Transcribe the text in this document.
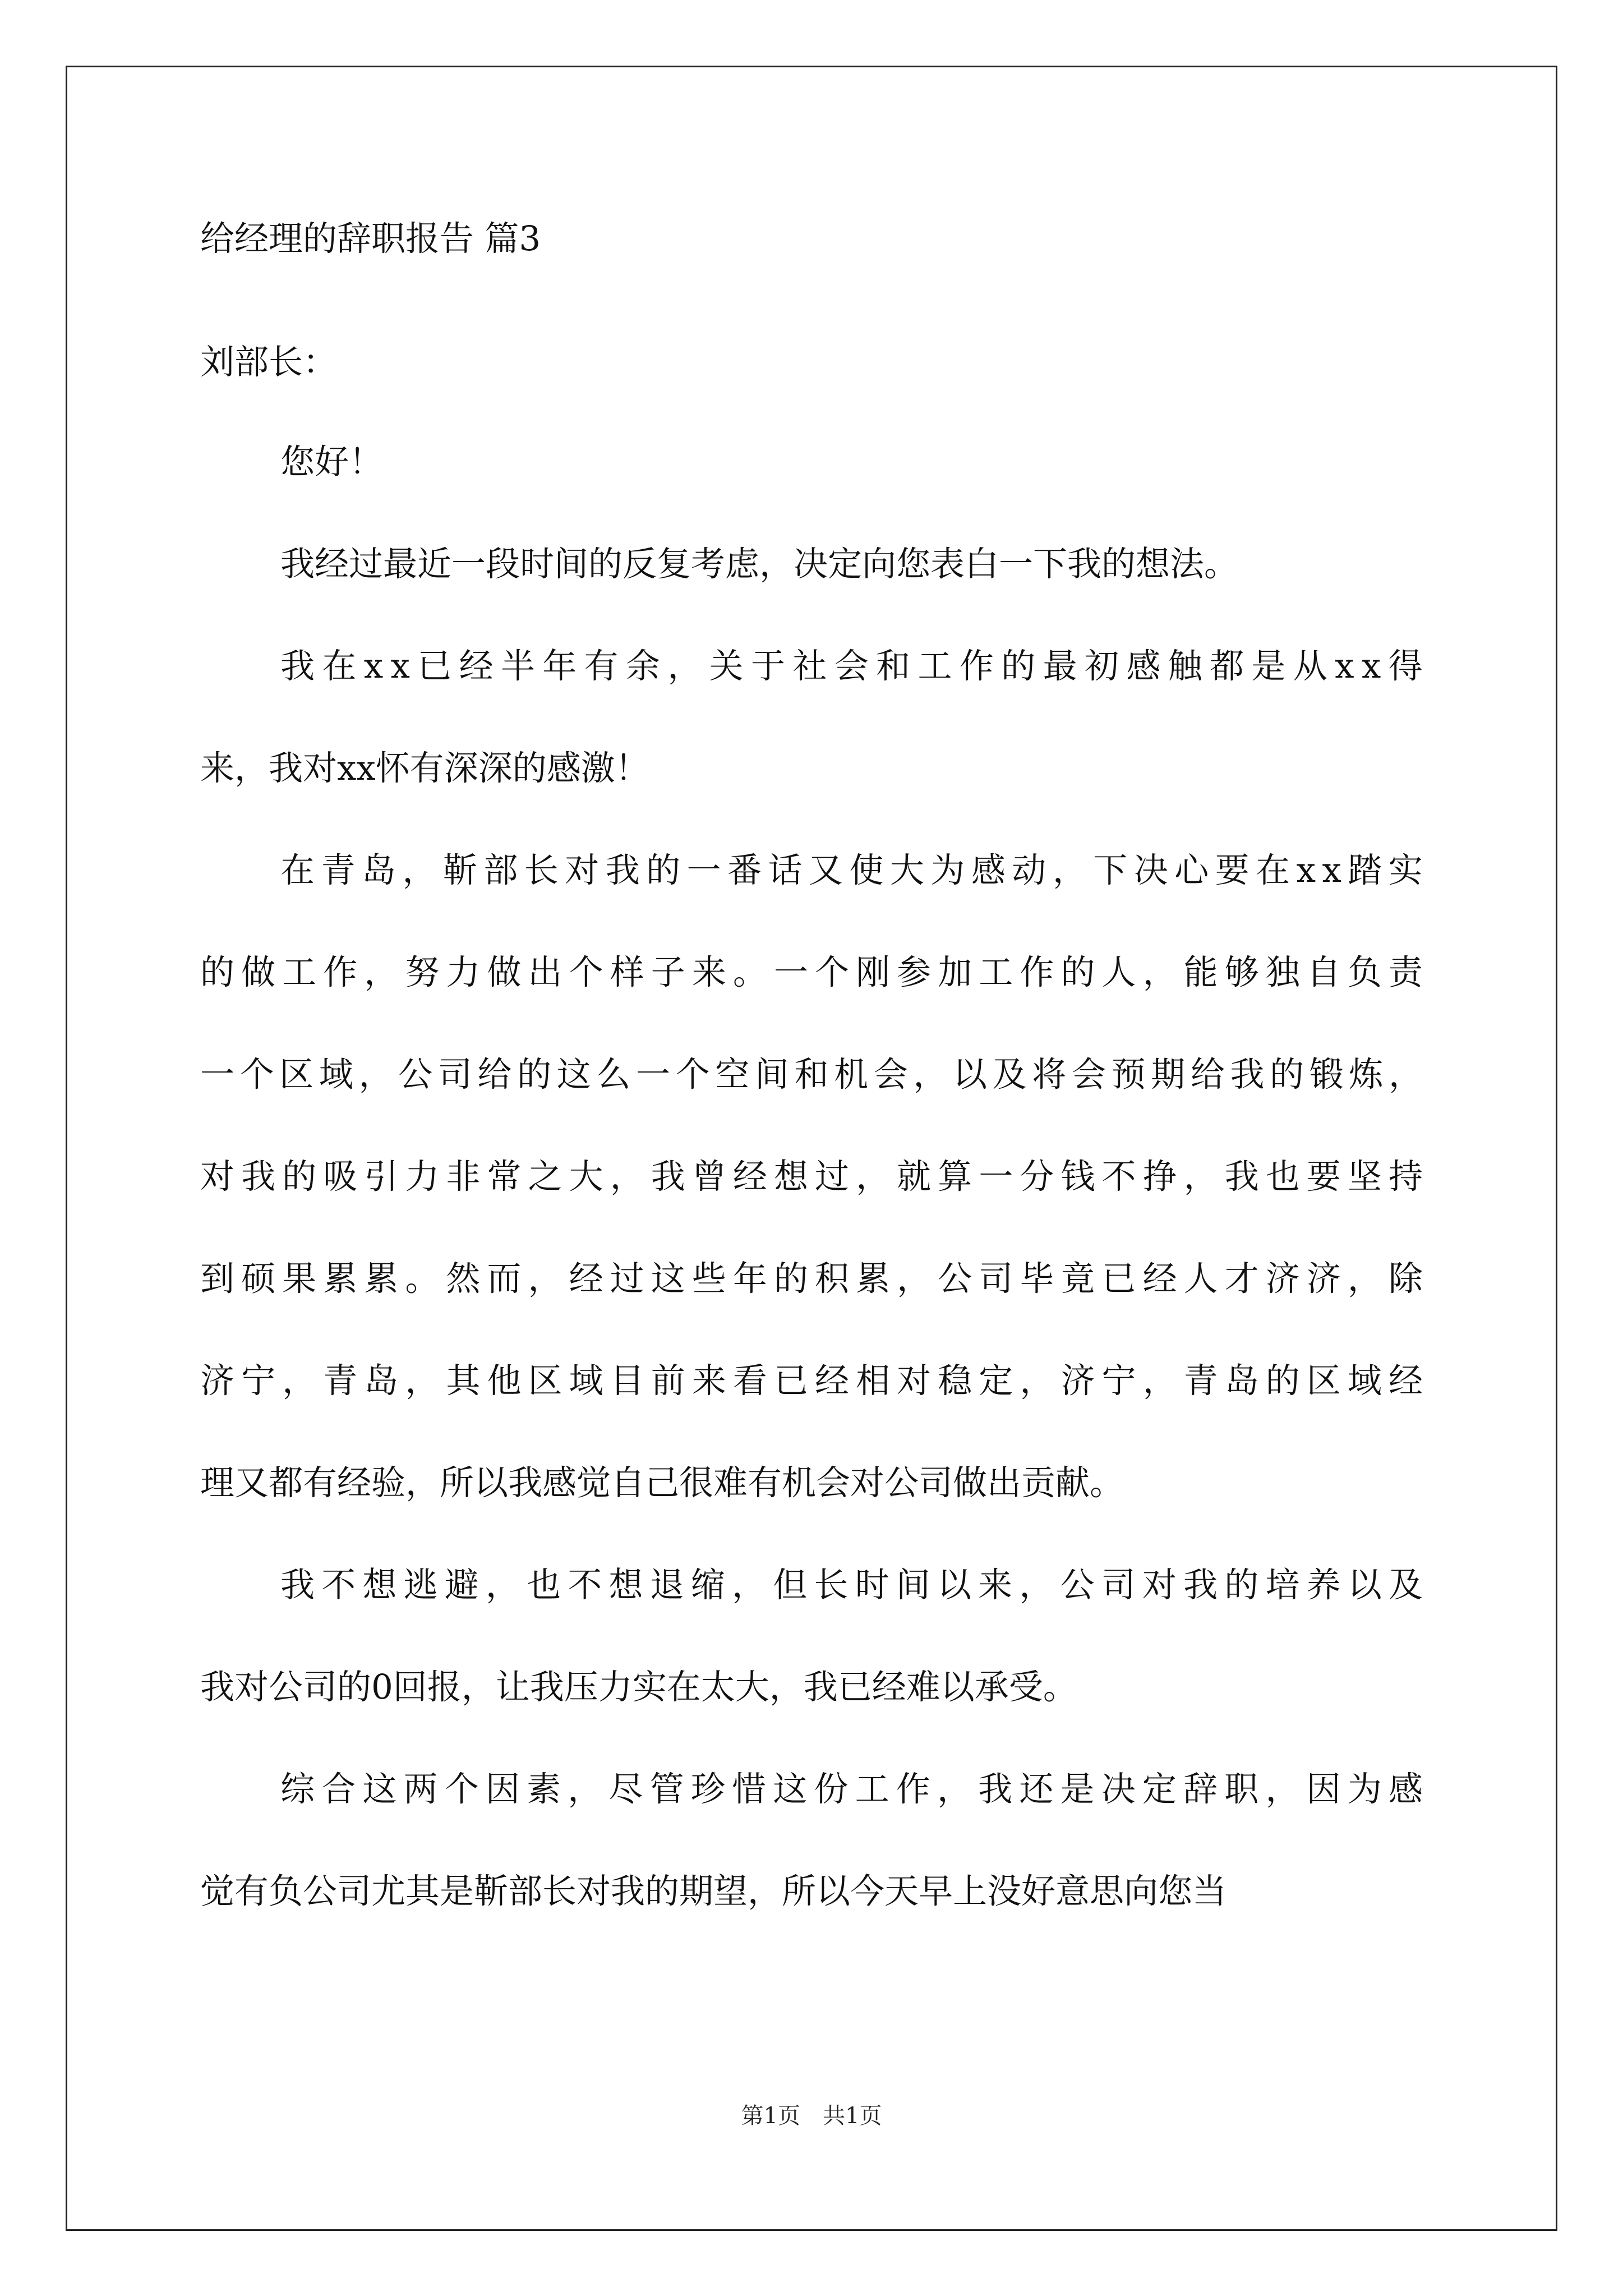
给经理的辞职报告 篇3
刘部长：
您好！
我经过最近一段时间的反复考虑，决定向您表白一下我的想法。
我在xx已经半年有余，关于社会和工作的最初感触都是从xx得
来，我对xx怀有深深的感激！
在青岛，靳部长对我的一番话又使大为感动，下决心要在xx踏实
的做工作，努力做出个样子来。一个刚参加工作的人，能够独自负责
一个区域，公司给的这么一个空间和机会，以及将会预期给我的锻炼，
对我的吸引力非常之大，我曾经想过，就算一分钱不挣，我也要坚持
到硕果累累。然而，经过这些年的积累，公司毕竟已经人才济济，除
济宁，青岛，其他区域目前来看已经相对稳定，济宁，青岛的区域经
理又都有经验，所以我感觉自己很难有机会对公司做出贡献。
我不想逃避，也不想退缩，但长时间以来，公司对我的培养以及
我对公司的0回报，让我压力实在太大，我已经难以承受。
综合这两个因素，尽管珍惜这份工作，我还是决定辞职，因为感
觉有负公司尤其是靳部长对我的期望，所以今天早上没好意思向您当
第1页　共1页
